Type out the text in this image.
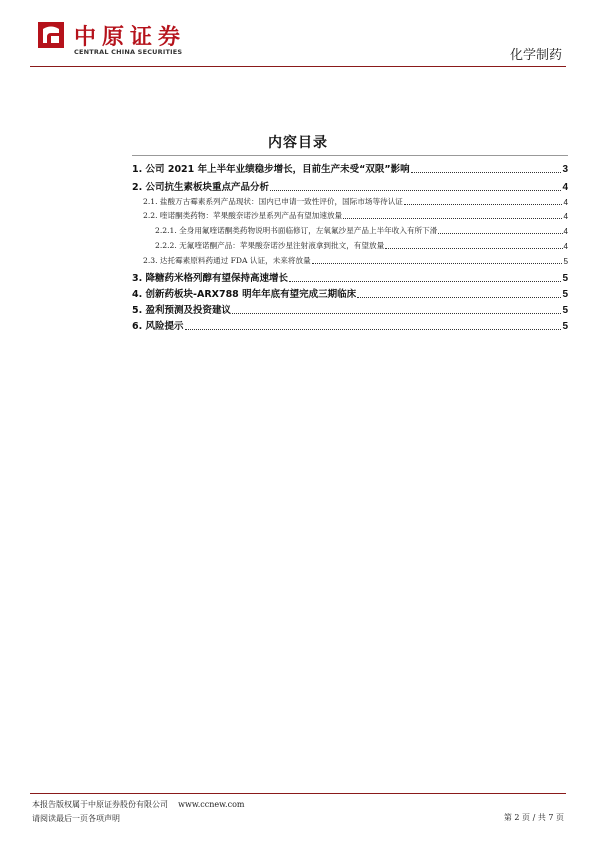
中原证券
CENTRAL CHINA SECURITIES	化学制药
内容目录
1. 公司 2021 年上半年业绩稳步增长，目前生产未受“双限”影响	3
2. 公司抗生素板块重点产品分析	4
2.1. 盐酸万古霉素系列产品现状：国内已申请一致性评价，国际市场等待认证	4
2.2. 喹诺酮类药物：苹果酸奈诺沙星系列产品有望加速放量	4
2.2.1. 全身用氟喹诺酮类药物说明书面临修订，左氧氟沙星产品上半年收入有所下滑	4
2.2.2. 无氟喹诺酮产品：苹果酸奈诺沙星注射液拿到批文，有望放量	4
2.3. 达托霉素原料药通过 FDA 认证，未来将放量	5
3. 降糖药米格列醇有望保持高速增长	5
4. 创新药板块-ARX788 明年年底有望完成三期临床	5
5. 盈利预测及投资建议	5
6. 风险提示	5
本报告版权属于中原证券股份有限公司 www.ccnew.com
请阅读最后一页各项声明	第 2 页 / 共 7 页
